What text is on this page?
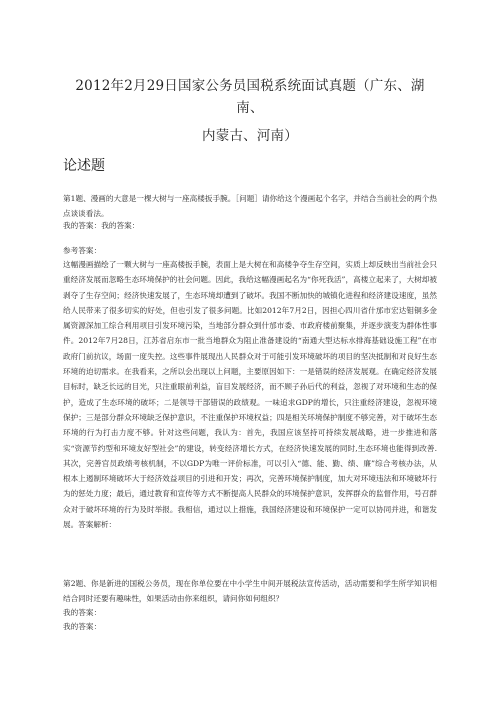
2012年2月29日国家公务员国税系统面试真题（广东、湖
南、
内蒙古、河南）
论述题
第1题、漫画的大意是一棵大树与一座高楼扳手腕。［问题］请你给这个漫画起个名字，并结合当前社会的两个热点谈谈看法。
我的答案：我的答案：
参考答案：
这幅漫画描绘了一颗大树与一座高楼扳手腕，表面上是大树在和高楼争夺生存空间，实质上却反映出当前社会只重经济发展而忽略生态环境保护的社会问题。因此，我给这幅漫画起名为“你死我活”，高楼立起来了，大树却被剥夺了生存空间；经济快速发展了，生态环境却遭到了破坏。我国不断加快的城镇化进程和经济建设速度，虽然给人民带来了很多切实的好处，但也引发了很多问题。比如2012年7月2日，因担心四川省什邡市宏达钼铜多金属资源深加工综合利用项目引发环境污染，当地部分群众到什邡市委、市政府楼前聚集，并逐步演变为群体性事件。2012年7月28日，江苏省启东市一批当地群众为阻止准备建设的“南通大型达标水排海基础设施工程”在市政府门前抗议，场面一度失控。这些事件展现出人民群众对于可能引发环境破坏的项目的坚决抵制和对良好生态环境的迫切需求。在我看来，之所以会出现以上问题，主要原因如下：一是错误的经济发展观。在确定经济发展目标时，缺乏长远的目光，只注重眼前利益，盲目发展经济，而不顾子孙后代的利益，忽视了对环境和生态的保护，造成了生态环境的破坏；二是领导干部错误的政绩观。一味追求GDP的增长，只注重经济建设，忽视环境保护；三是部分群众环境缺乏保护意识，不注重保护环境权益；四是相关环境保护制度不够完善，对于破坏生态环境的行为打击力度不够。针对这些问题，我认为：首先，我国应该坚持可持续发展战略，进一步推进和落实“资源节约型和环境友好型社会”的建设，转变经济增长方式，在经济快速发展的同时,生态环境也能得到改善. 其次，完善官员政绩考核机制，不以GDP为唯一评价标准，可以引入“德、能、勤、绩、廉”综合考核办法，从根本上遏制环境破坏大于经济效益项目的引进和开发；再次，完善环境保护制度，加大对环境违法和环境破坏行为的惩处力度；最后，通过教育和宣传等方式不断提高人民群众的环境保护意识，发挥群众的监督作用，号召群众对于破坏环境的行为及时举报。我相信，通过以上措施，我国经济建设和环境保护一定可以协同并进，和谐发展。答案解析：
第2题、你是新进的国税公务员，现在你单位要在中小学生中间开展税法宣传活动，活动需要和学生所学知识相结合同时还要有趣味性，如果活动由你来组织，请问你如何组织？
我的答案：
我的答案：
